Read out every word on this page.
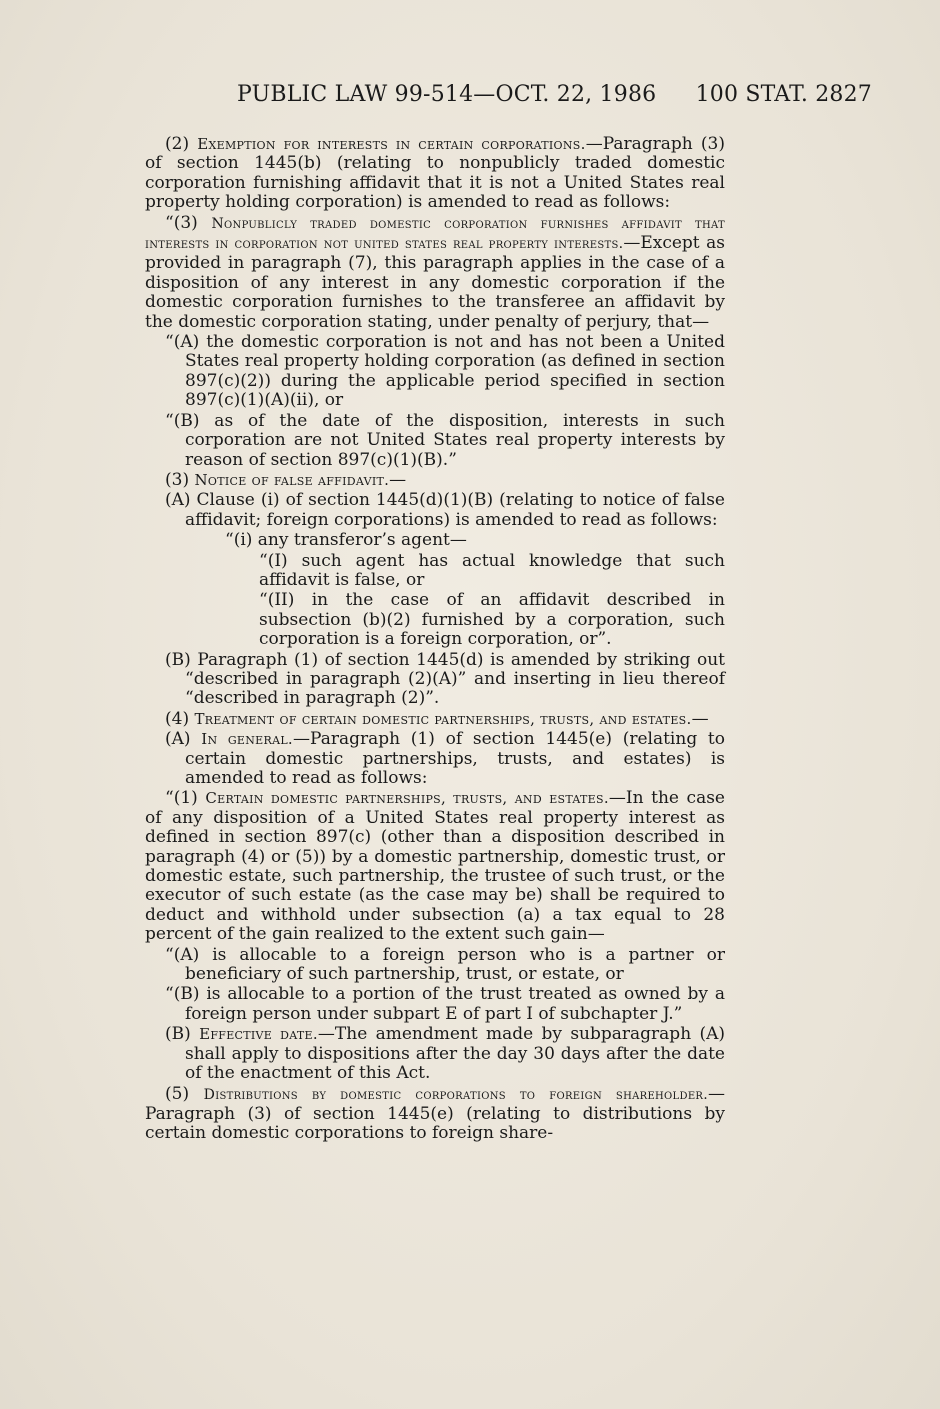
PUBLIC LAW 99-514—OCT. 22, 1986 100 STAT. 2827
(2) Exemption for interests in certain corporations.—Paragraph (3) of section 1445(b) (relating to nonpublicly traded domestic corporation furnishing affidavit that it is not a United States real property holding corporation) is amended to read as follows:
“(3) Nonpublicly traded domestic corporation furnishes affidavit that interests in corporation not united states real property interests.—Except as provided in paragraph (7), this paragraph applies in the case of a disposition of any interest in any domestic corporation if the domestic corporation furnishes to the transferee an affidavit by the domestic corporation stating, under penalty of perjury, that—
“(A) the domestic corporation is not and has not been a United States real property holding corporation (as defined in section 897(c)(2)) during the applicable period specified in section 897(c)(1)(A)(ii), or
“(B) as of the date of the disposition, interests in such corporation are not United States real property interests by reason of section 897(c)(1)(B).”
(3) Notice of false affidavit.—
(A) Clause (i) of section 1445(d)(1)(B) (relating to notice of false affidavit; foreign corporations) is amended to read as follows:
“(i) any transferor’s agent—
“(I) such agent has actual knowledge that such affidavit is false, or
“(II) in the case of an affidavit described in subsection (b)(2) furnished by a corporation, such corporation is a foreign corporation, or”.
(B) Paragraph (1) of section 1445(d) is amended by striking out “described in paragraph (2)(A)” and inserting in lieu thereof “described in paragraph (2)”.
(4) Treatment of certain domestic partnerships, trusts, and estates.—
(A) In general.—Paragraph (1) of section 1445(e) (relating to certain domestic partnerships, trusts, and estates) is amended to read as follows:
“(1) Certain domestic partnerships, trusts, and estates.—In the case of any disposition of a United States real property interest as defined in section 897(c) (other than a disposition described in paragraph (4) or (5)) by a domestic partnership, domestic trust, or domestic estate, such partnership, the trustee of such trust, or the executor of such estate (as the case may be) shall be required to deduct and withhold under subsection (a) a tax equal to 28 percent of the gain realized to the extent such gain—
“(A) is allocable to a foreign person who is a partner or beneficiary of such partnership, trust, or estate, or
“(B) is allocable to a portion of the trust treated as owned by a foreign person under subpart E of part I of subchapter J.”
(B) Effective date.—The amendment made by subparagraph (A) shall apply to dispositions after the day 30 days after the date of the enactment of this Act.
(5) Distributions by domestic corporations to foreign shareholder.—Paragraph (3) of section 1445(e) (relating to distributions by certain domestic corporations to foreign share-
